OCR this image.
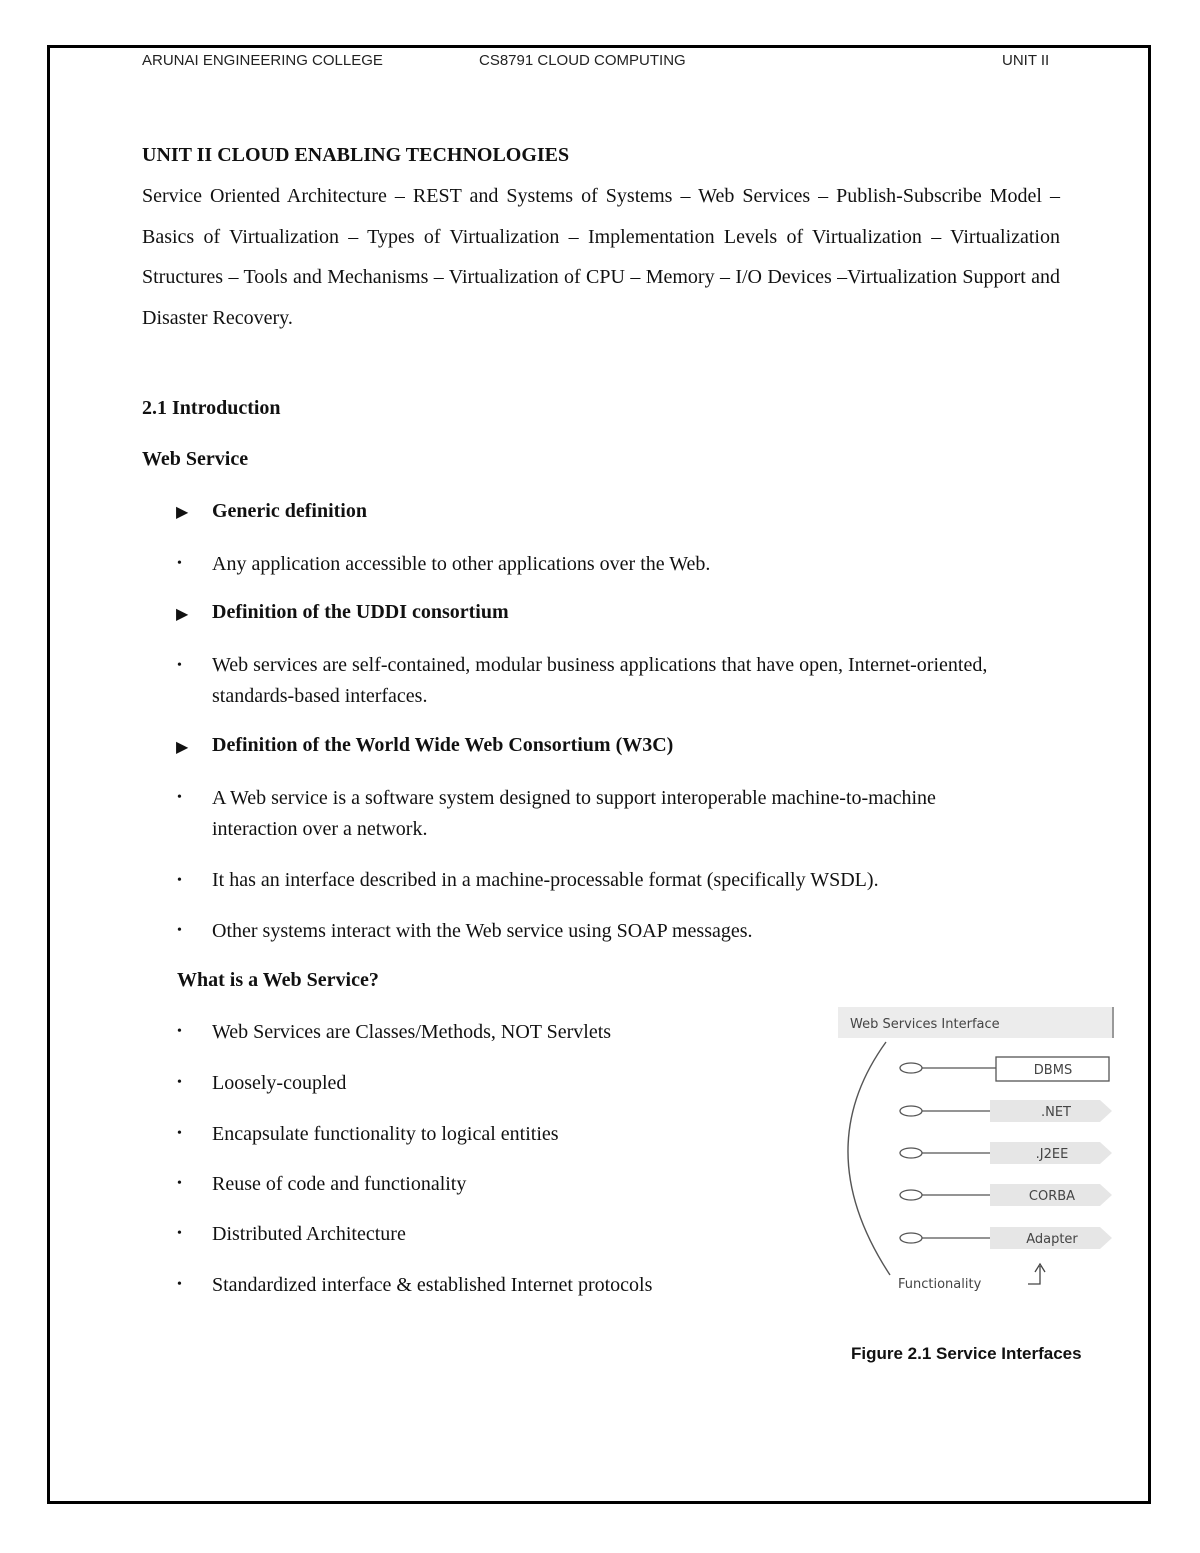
ARUNAI ENGINEERING COLLEGE	CS8791 CLOUD COMPUTING	UNIT II
UNIT II CLOUD ENABLING TECHNOLOGIES
Service Oriented Architecture – REST and Systems of Systems – Web Services – Publish-Subscribe Model – Basics of Virtualization – Types of Virtualization – Implementation Levels of Virtualization – Virtualization Structures – Tools and Mechanisms – Virtualization of CPU – Memory – I/O Devices –Virtualization Support and Disaster Recovery.
2.1 Introduction
Web Service
▶ Generic definition
• Any application accessible to other applications over the Web.
▶ Definition of the UDDI consortium
• Web services are self-contained, modular business applications that have open, Internet-oriented, standards-based interfaces.
▶ Definition of the World Wide Web Consortium (W3C)
• A Web service is a software system designed to support interoperable machine-to-machine interaction over a network.
• It has an interface described in a machine-processable format (specifically WSDL).
• Other systems interact with the Web service using SOAP messages.
What is a Web Service?
• Web Services are Classes/Methods, NOT Servlets
• Loosely-coupled
• Encapsulate functionality to logical entities
• Reuse of code and functionality
• Distributed Architecture
• Standardized interface & established Internet protocols
Web Services Interface
DBMS
.NET
.J2EE
CORBA
Adapter
Functionality
Figure 2.1 Service Interfaces
